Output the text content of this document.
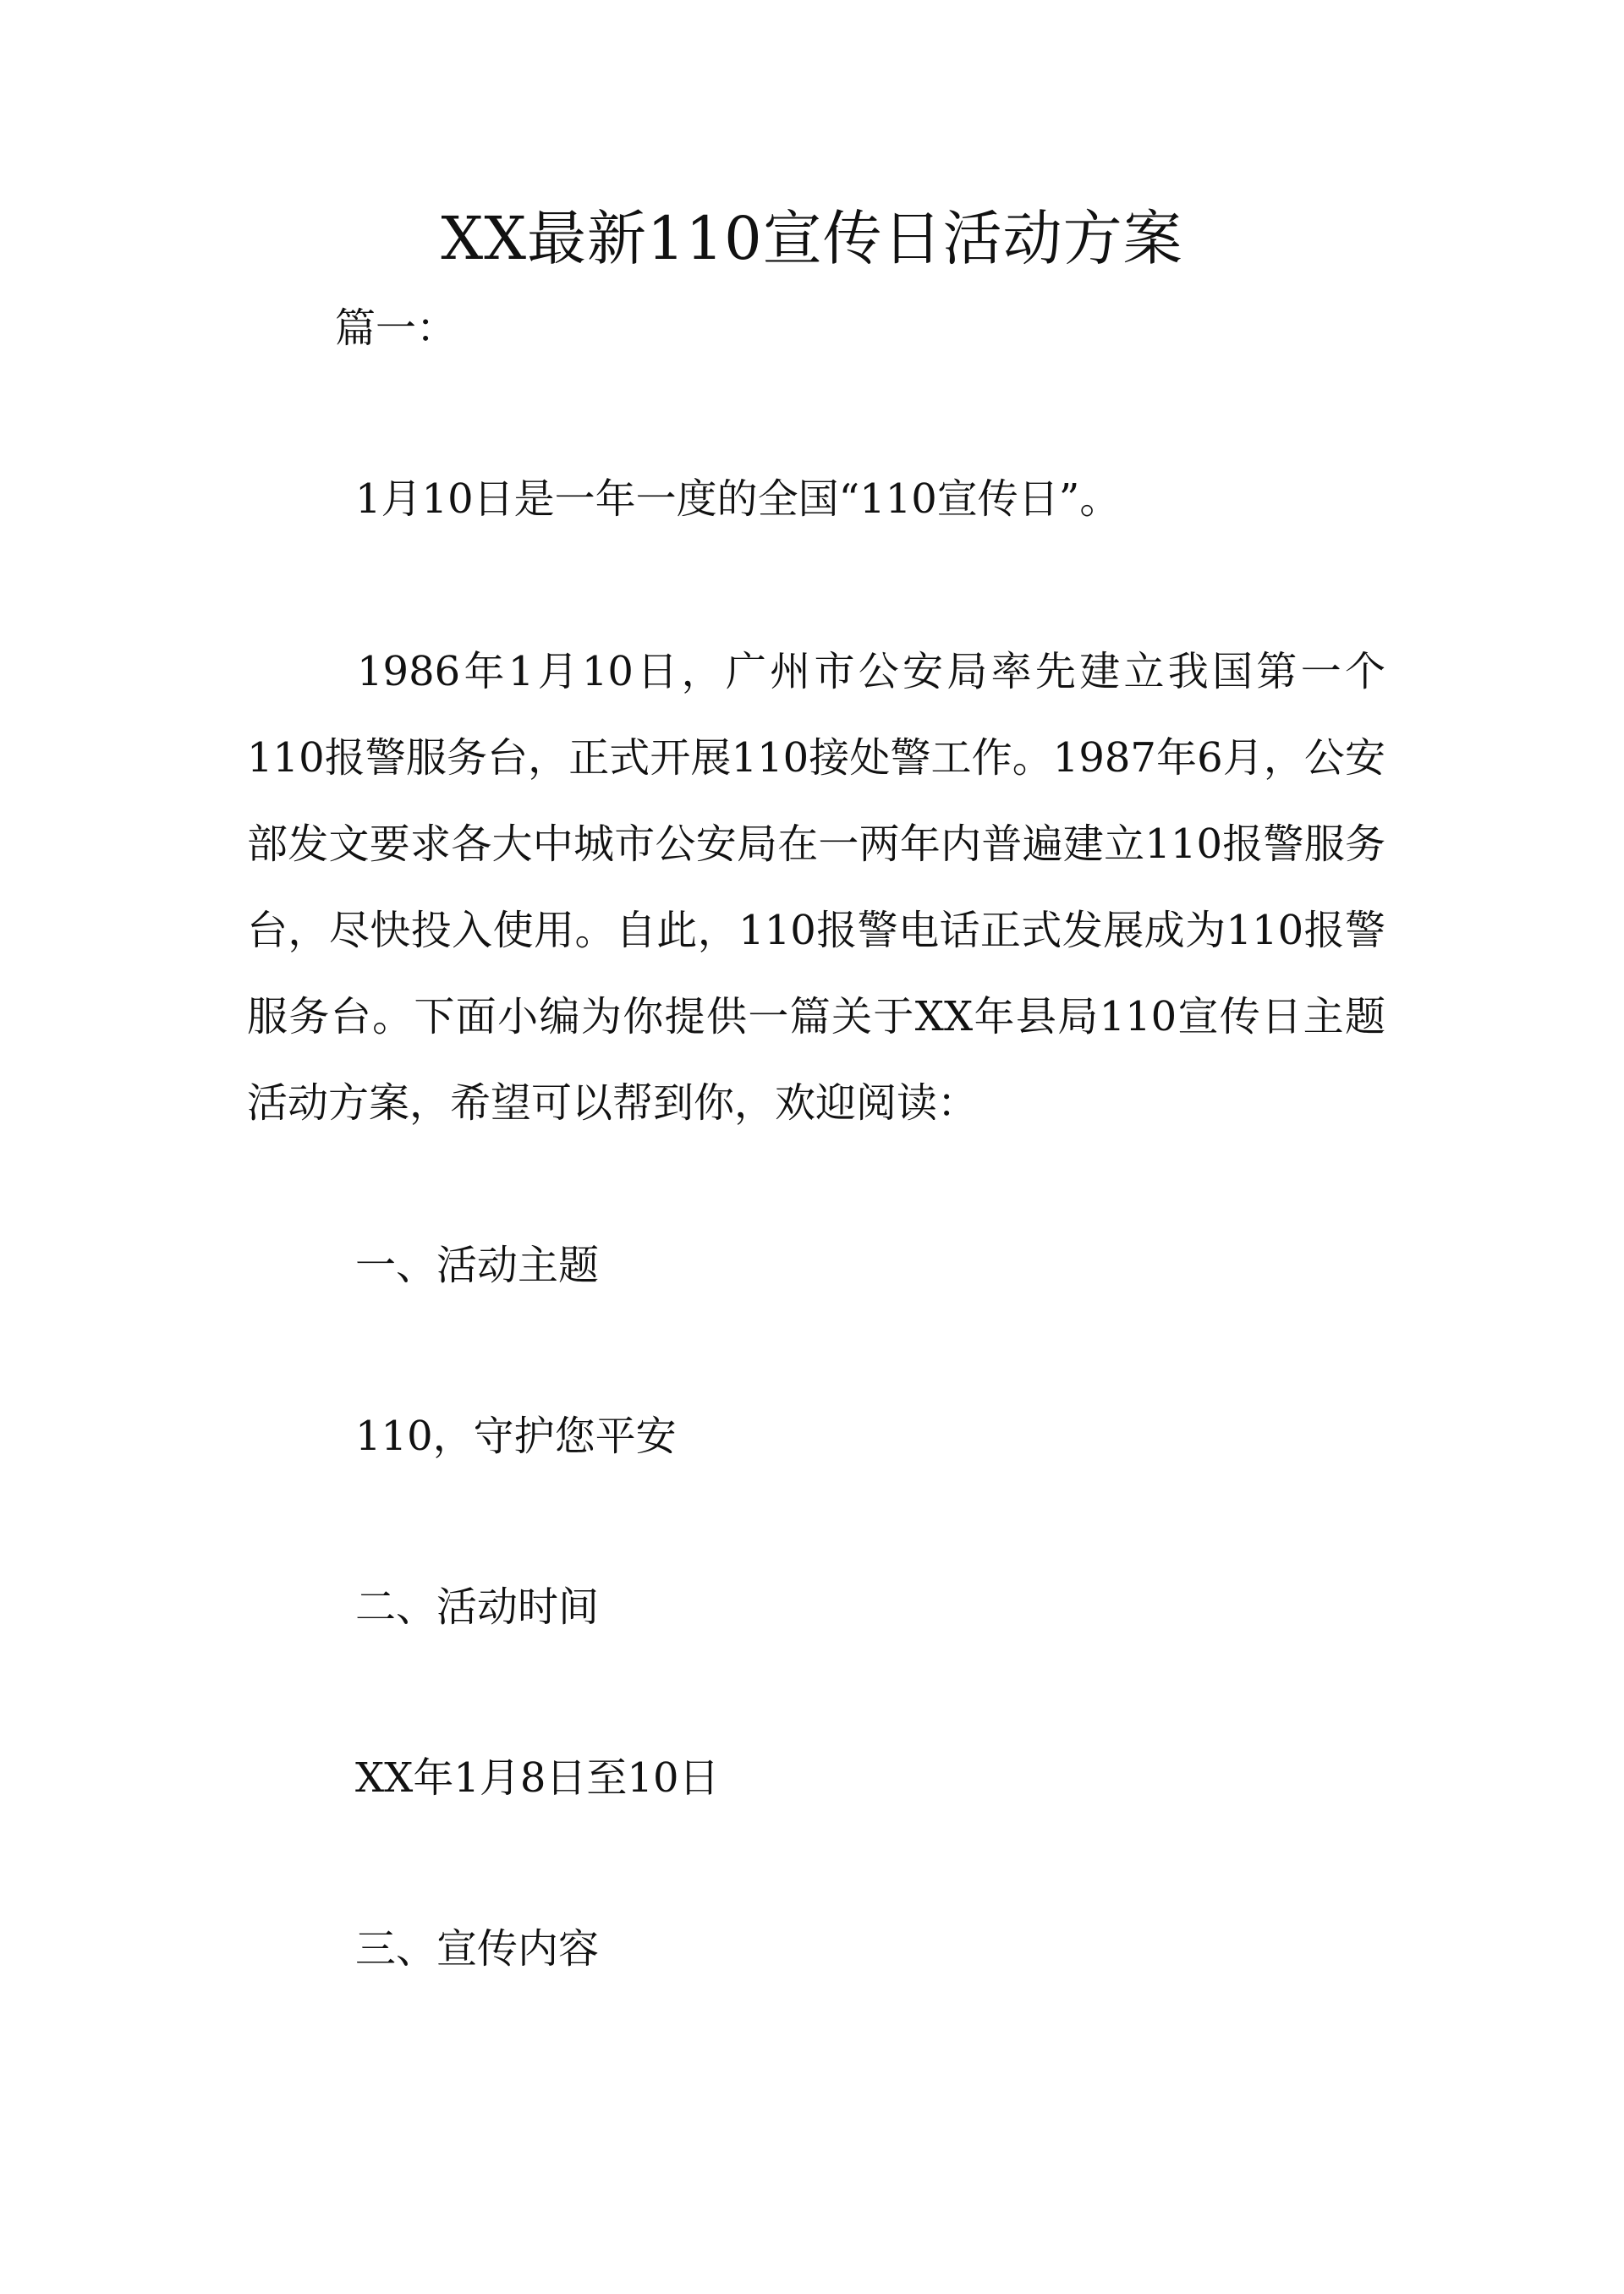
XX最新110宣传日活动方案

篇一：

1月10日是一年一度的全国“110宣传日”。

1986年1月10日，广州市公安局率先建立我国第一个110报警服务台，正式开展110接处警工作。1987年6月，公安部发文要求各大中城市公安局在一两年内普遍建立110报警服务台，尽快投入使用。自此，110报警电话正式发展成为110报警服务台。下面小编为你提供一篇关于XX年县局110宣传日主题活动方案，希望可以帮到你，欢迎阅读：

一、活动主题

110，守护您平安

二、活动时间

XX年1月8日至10日

三、宣传内容
